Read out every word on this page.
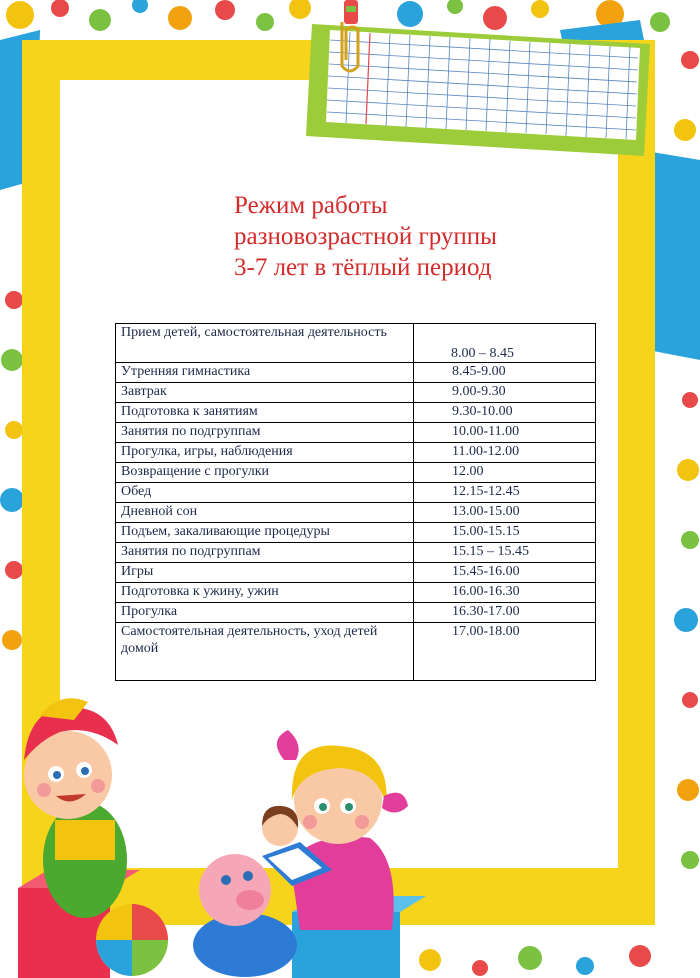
Режим работы
разновозрастной группы
3-7 лет в тёплый период
Прием детей, самостоятельная деятельность	8.00 – 8.45
Утренняя гимнастика	8.45-9.00
Завтрак	9.00-9.30
Подготовка к занятиям	9.30-10.00
Занятия по подгруппам	10.00-11.00
Прогулка, игры, наблюдения	11.00-12.00
Возвращение с прогулки	12.00
Обед	12.15-12.45
Дневной сон	13.00-15.00
Подъем, закаливающие процедуры	15.00-15.15
Занятия по подгруппам	15.15 – 15.45
Игры	15.45-16.00
Подготовка к ужину, ужин	16.00-16.30
Прогулка	16.30-17.00
Самостоятельная деятельность, уход детей домой	17.00-18.00
